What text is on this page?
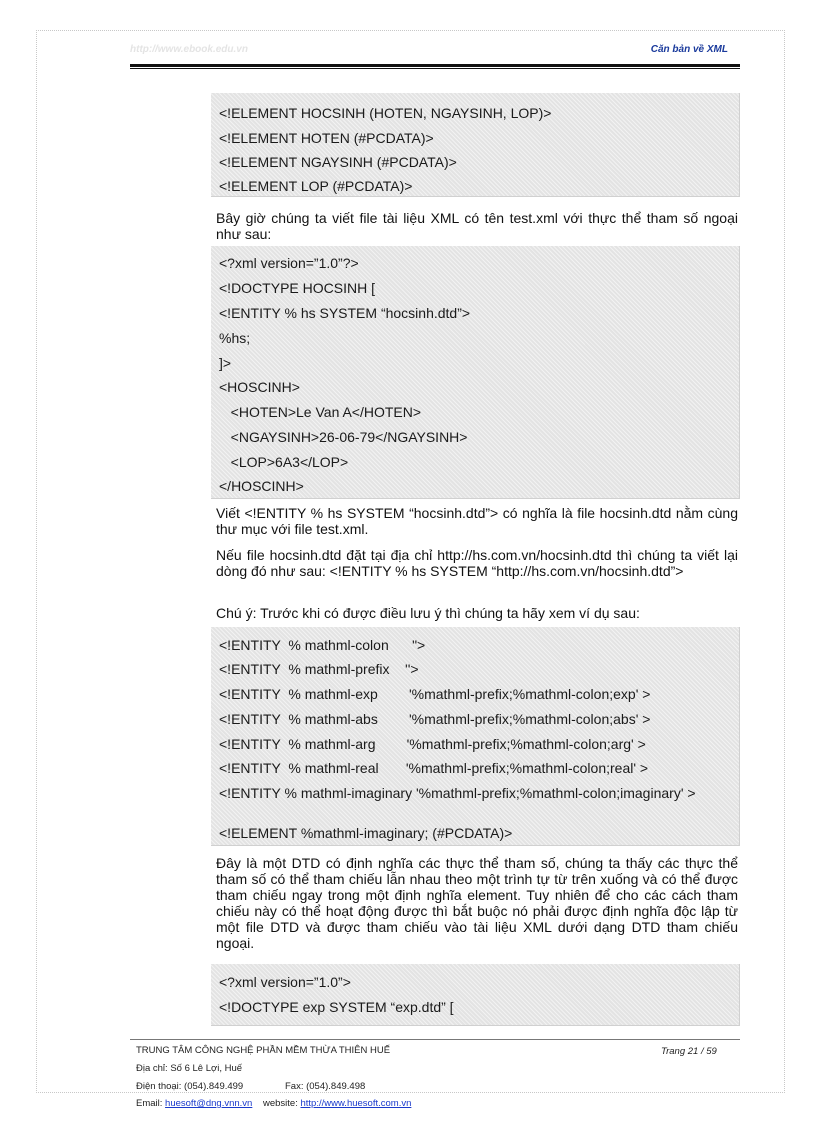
http://www.ebook.edu.vn	Căn bản về XML
<!ELEMENT HOCSINH (HOTEN, NGAYSINH, LOP)>
<!ELEMENT HOTEN (#PCDATA)>
<!ELEMENT NGAYSINH (#PCDATA)>
<!ELEMENT LOP (#PCDATA)>
Bây giờ chúng ta viết file tài liệu XML có tên test.xml với thực thể tham số ngoại như sau:
<?xml version=”1.0”?>
<!DOCTYPE HOCSINH [
<!ENTITY % hs SYSTEM “hocsinh.dtd”>
%hs;
]>
<HOSCINH>
<HOTEN>Le Van A</HOTEN>
<NGAYSINH>26-06-79</NGAYSINH>
<LOP>6A3</LOP>
</HOSCINH>
Viết <!ENTITY % hs SYSTEM “hocsinh.dtd”> có nghĩa là file hocsinh.dtd nằm cùng thư mục với file test.xml.
Nếu file hocsinh.dtd đặt tại địa chỉ http://hs.com.vn/hocsinh.dtd thì chúng ta viết lại dòng đó như sau: <!ENTITY % hs SYSTEM “http://hs.com.vn/hocsinh.dtd”>
Chú ý: Trước khi có được điều lưu ý thì chúng ta hãy xem ví dụ sau:
<!ENTITY  % mathml-colon      ">
<!ENTITY  % mathml-prefix    ''>
<!ENTITY  % mathml-exp        '%mathml-prefix;%mathml-colon;exp' >
<!ENTITY  % mathml-abs        '%mathml-prefix;%mathml-colon;abs' >
<!ENTITY  % mathml-arg        '%mathml-prefix;%mathml-colon;arg' >
<!ENTITY  % mathml-real       '%mathml-prefix;%mathml-colon;real' >
<!ENTITY % mathml-imaginary '%mathml-prefix;%mathml-colon;imaginary' >
<!ELEMENT %mathml-imaginary; (#PCDATA)>
Đây là một DTD có định nghĩa các thực thể tham số, chúng ta thấy các thực thể tham số có thể tham chiếu lẫn nhau theo một trình tự từ trên xuống và có thể được tham chiếu ngay trong một định nghĩa element. Tuy nhiên để cho các cách tham chiếu này có thể hoạt động được thì bắt buộc nó phải được định nghĩa độc lập từ một file DTD và được tham chiếu vào tài liệu XML dưới dạng DTD tham chiếu ngoại.
<?xml version=”1.0”>
<!DOCTYPE exp SYSTEM “exp.dtd” [
TRUNG TÂM CÔNG NGHỆ PHẦN MỀM THỪA THIÊN HUẾ	Trang 21 / 59
Địa chỉ: Số 6 Lê Lợi, Huế
Điện thoại: (054).849.499	Fax: (054).849.498
Email: huesoft@dng.vnn.vn website: http://www.huesoft.com.vn
